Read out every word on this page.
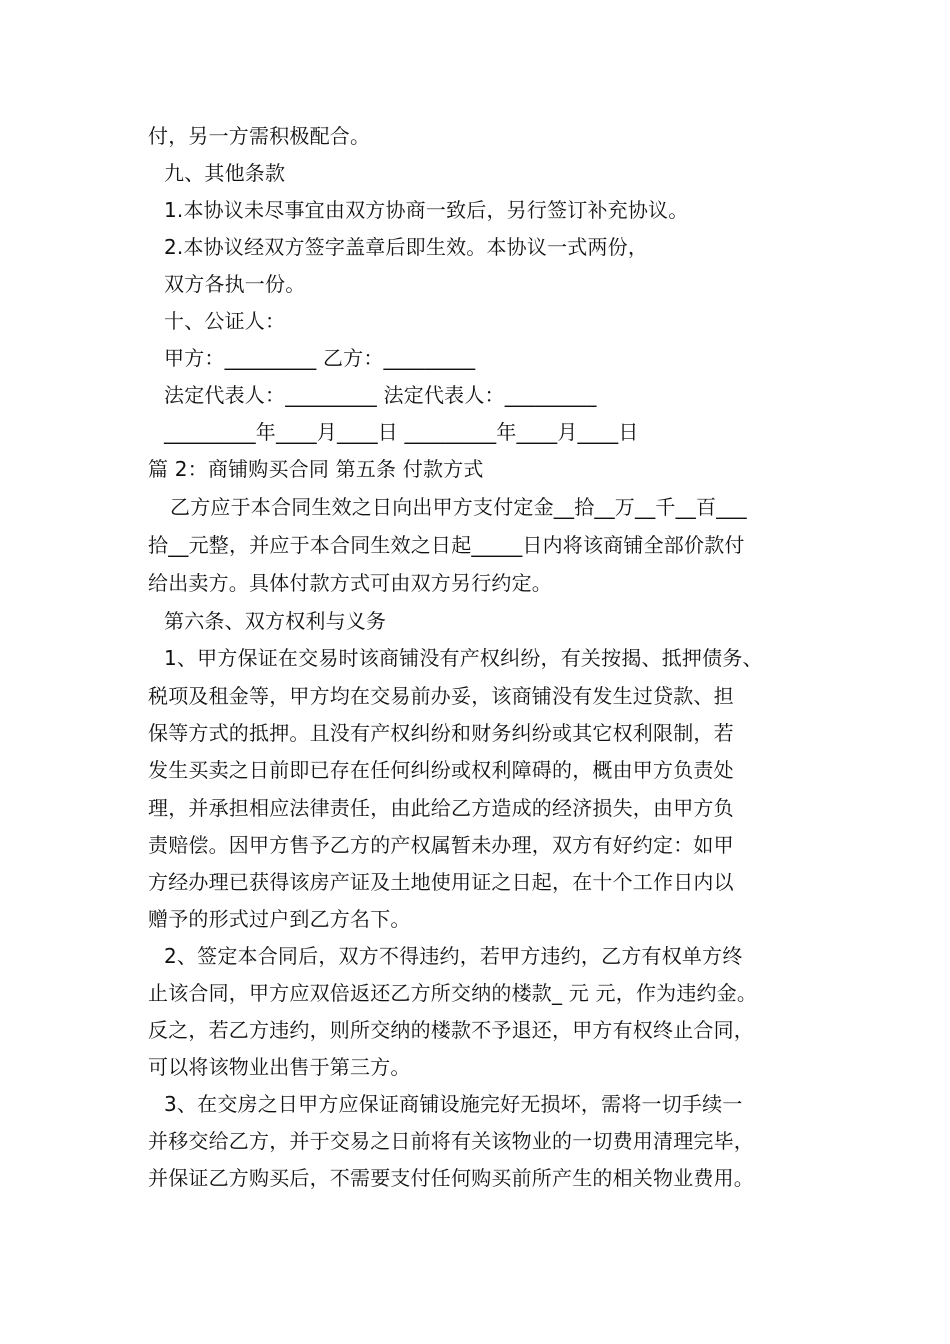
付，另一方需积极配合。
九、其他条款
1.本协议未尽事宜由双方协商一致后，另行签订补充协议。
2.本协议经双方签字盖章后即生效。本协议一式两份，
双方各执一份。
十、公证人：
甲方：_________ 乙方：_________
法定代表人：_________ 法定代表人：_________
_________年____月____日 _________年____月____日
篇 2：商铺购买合同 第五条 付款方式
乙方应于本合同生效之日向出甲方支付定金__拾__万__千__百___
拾__元整，并应于本合同生效之日起_____日内将该商铺全部价款付
给出卖方。具体付款方式可由双方另行约定。
第六条、双方权利与义务
1、甲方保证在交易时该商铺没有产权纠纷，有关按揭、抵押债务、
税项及租金等，甲方均在交易前办妥，该商铺没有发生过贷款、担
保等方式的抵押。且没有产权纠纷和财务纠纷或其它权利限制，若
发生买卖之日前即已存在任何纠纷或权利障碍的，概由甲方负责处
理，并承担相应法律责任，由此给乙方造成的经济损失，由甲方负
责赔偿。因甲方售予乙方的产权属暂未办理，双方有好约定：如甲
方经办理已获得该房产证及土地使用证之日起，在十个工作日内以
赠予的形式过户到乙方名下。
2、签定本合同后，双方不得违约，若甲方违约，乙方有权单方终
止该合同，甲方应双倍返还乙方所交纳的楼款_ 元 元，作为违约金。
反之，若乙方违约，则所交纳的楼款不予退还，甲方有权终止合同，
可以将该物业出售于第三方。
3、在交房之日甲方应保证商铺设施完好无损坏，需将一切手续一
并移交给乙方，并于交易之日前将有关该物业的一切费用清理完毕，
并保证乙方购买后，不需要支付任何购买前所产生的相关物业费用。
